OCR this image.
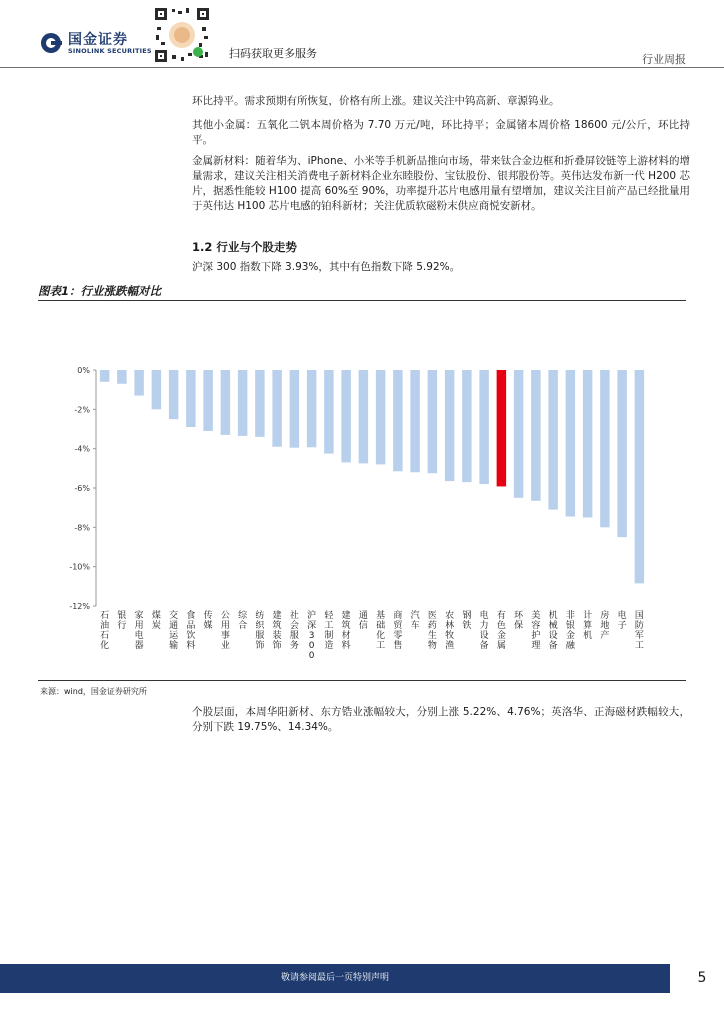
国金证券
SINOLINK SECURITIES	扫码获取更多服务	行业周报
环比持平。需求预期有所恢复，价格有所上涨。建议关注中钨高新、章源钨业。
其他小金属：五氧化二钒本周价格为 7.70 万元/吨，环比持平；金属锗本周价格 18600 元/公斤，环比持平。
金属新材料：随着华为、iPhone、小米等手机新品推向市场，带来钛合金边框和折叠屏铰链等上游材料的增量需求，建议关注相关消费电子新材料企业东睦股份、宝钛股份、银邦股份等。英伟达发布新一代 H200 芯片，据悉性能较 H100 提高 60%至 90%，功率提升芯片电感用量有望增加，建议关注目前产品已经批量用于英伟达 H100 芯片电感的铂科新材；关注优质软磁粉末供应商悦安新材。
1.2 行业与个股走势
沪深 300 指数下降 3.93%，其中有色指数下降 5.92%。
图表1：行业涨跌幅对比
0%
-2%
-4%
-6%
-8%
-10%
-12%
石油石化
银行
家用电器
煤炭
交通运输
食品饮料
传媒
公用事业
综合
纺织服饰
建筑装饰
社会服务
沪深 3 0 0
轻工制造
建筑材料
通信
基础化工
商贸零售
汽车
医药生物
农林牧渔
钢铁
电力设备
有色金属
环保
美容护理
机械设备
非银金融
计算机
房地产
电子
国防军工
来源：wind，国金证券研究所
个股层面，本周华阳新材、东方锆业涨幅较大，分别上涨 5.22%、4.76%；英洛华、正海磁材跌幅较大，分别下跌 19.75%、14.34%。
敬请参阅最后一页特别声明	5
